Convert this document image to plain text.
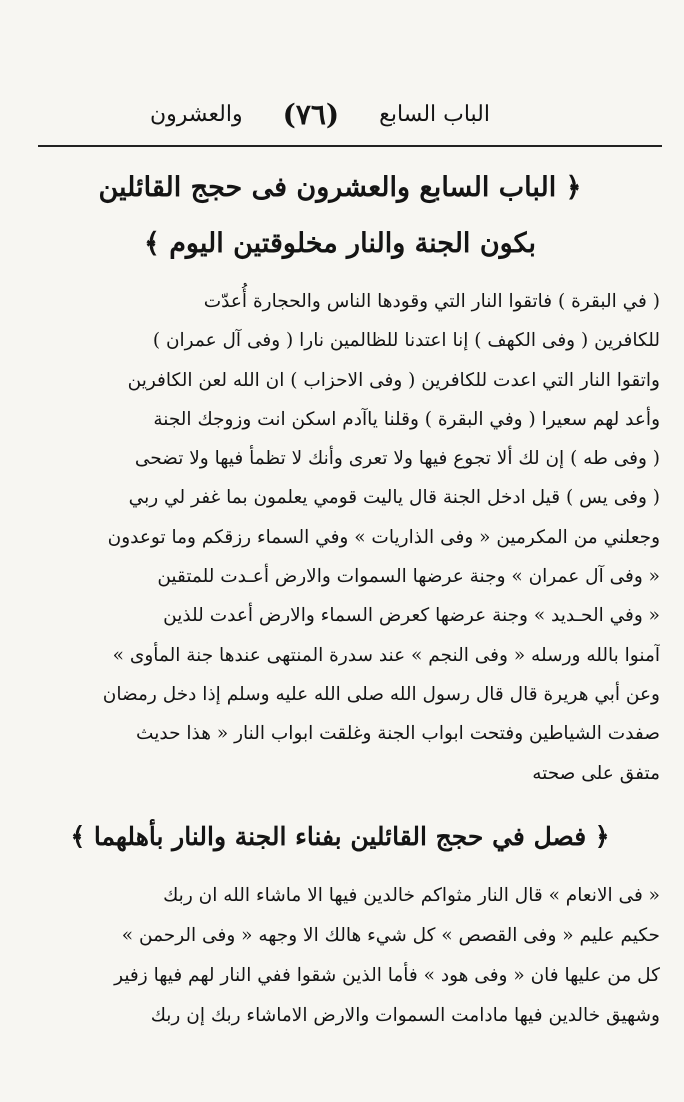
الباب السابع
(٧٦)
والعشرون
﴿ الباب السابع والعشرون فى حجج القائلين
بكون الجنة والنار مخلوقتين اليوم ﴾
( في البقرة ) فاتقوا النار التي وقودها الناس والحجارة أُعدّت
للكافرين ( وفى الكهف ) إنا اعتدنا للظالمين نارا ( وفى آل عمران )
واتقوا النار التي اعدت للكافرين ( وفى الاحزاب ) ان الله لعن الكافرين
وأعد لهم سعيرا ( وفي البقرة ) وقلنا ياآدم اسكن انت وزوجك الجنة
( وفى طه ) إن لك ألا تجوع فيها ولا تعرى وأنك لا تظمأ فيها ولا تضحى
( وفى يس ) قيل ادخل الجنة قال ياليت قومي يعلمون بما غفر لي ربي
وجعلني من المكرمين « وفى الذاريات » وفي السماء رزقكم وما توعدون
« وفى آل عمران » وجنة عرضها السموات والارض أعـدت للمتقين
« وفي الحـديد » وجنة عرضها كعرض السماء والارض أعدت للذين
آمنوا بالله ورسله « وفى النجم » عند سدرة المنتهى عندها جنة المأوى »
وعن أبي هريرة قال قال رسول الله صلى الله عليه وسلم إذا دخل رمضان
صفدت الشياطين وفتحت ابواب الجنة وغلقت ابواب النار « هذا حديث
متفق على صحته
﴿ فصل في حجج القائلين بفناء الجنة والنار بأهلهما ﴾
« فى الانعام » قال النار مثواكم خالدين فيها الا ماشاء الله ان ربك
حكيم عليم « وفى القصص » كل شيء هالك الا وجهه « وفى الرحمن »
كل من عليها فان « وفى هود » فأما الذين شقوا ففي النار لهم فيها زفير
وشهيق خالدين فيها مادامت السموات والارض الاماشاء ربك إن ربك
